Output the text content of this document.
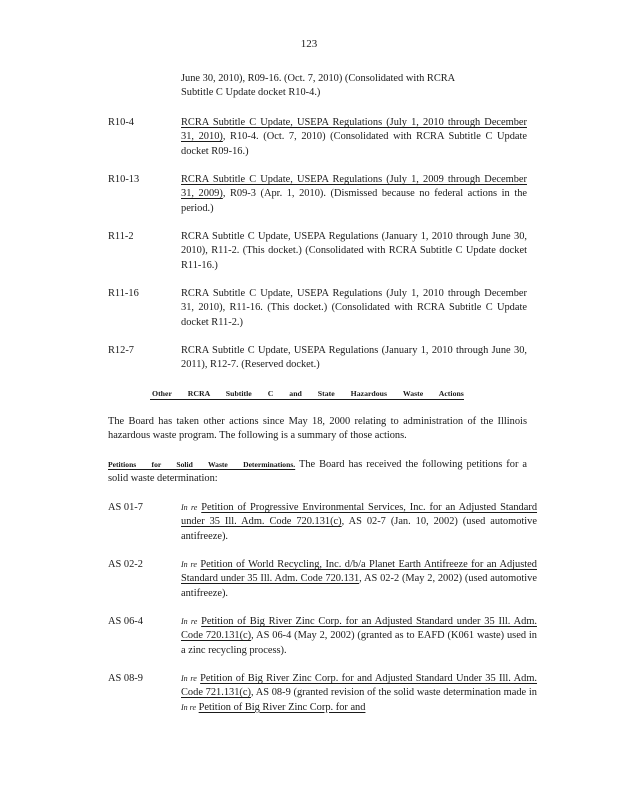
123
June 30, 2010), R09-16. (Oct. 7, 2010) (Consolidated with RCRA
Subtitle C Update docket R10-4.)
R10-4	RCRA Subtitle C Update, USEPA Regulations (July 1, 2010 through December 31, 2010), R10-4. (Oct. 7, 2010) (Consolidated with RCRA Subtitle C Update docket R09-16.)
R10-13	RCRA Subtitle C Update, USEPA Regulations (July 1, 2009 through December 31, 2009), R09-3 (Apr. 1, 2010). (Dismissed because no federal actions in the period.)
R11-2	RCRA Subtitle C Update, USEPA Regulations (January 1, 2010 through June 30, 2010), R11-2. (This docket.) (Consolidated with RCRA Subtitle C Update docket R11-16.)
R11-16	RCRA Subtitle C Update, USEPA Regulations (July 1, 2010 through December 31, 2010), R11-16. (This docket.) (Consolidated with RCRA Subtitle C Update docket R11-2.)
R12-7	RCRA Subtitle C Update, USEPA Regulations (January 1, 2010 through June 30, 2011), R12-7. (Reserved docket.)
Other RCRA Subtitle C and State Hazardous Waste Actions
The Board has taken other actions since May 18, 2000 relating to administration of the Illinois hazardous waste program. The following is a summary of those actions.
Petitions for Solid Waste Determinations. The Board has received the following petitions for a solid waste determination:
AS 01-7	In re Petition of Progressive Environmental Services, Inc. for an Adjusted Standard under 35 Ill. Adm. Code 720.131(c), AS 02-7 (Jan. 10, 2002) (used automotive antifreeze).
AS 02-2	In re Petition of World Recycling, Inc. d/b/a Planet Earth Antifreeze for an Adjusted Standard under 35 Ill. Adm. Code 720.131, AS 02-2 (May 2, 2002) (used automotive antifreeze).
AS 06-4	In re Petition of Big River Zinc Corp. for an Adjusted Standard under 35 Ill. Adm. Code 720.131(c), AS 06-4 (May 2, 2002) (granted as to EAFD (K061 waste) used in a zinc recycling process).
AS 08-9	In re Petition of Big River Zinc Corp. for and Adjusted Standard Under 35 Ill. Adm. Code 721.131(c), AS 08-9 (granted revision of the solid waste determination made in In re Petition of Big River Zinc Corp. for and
